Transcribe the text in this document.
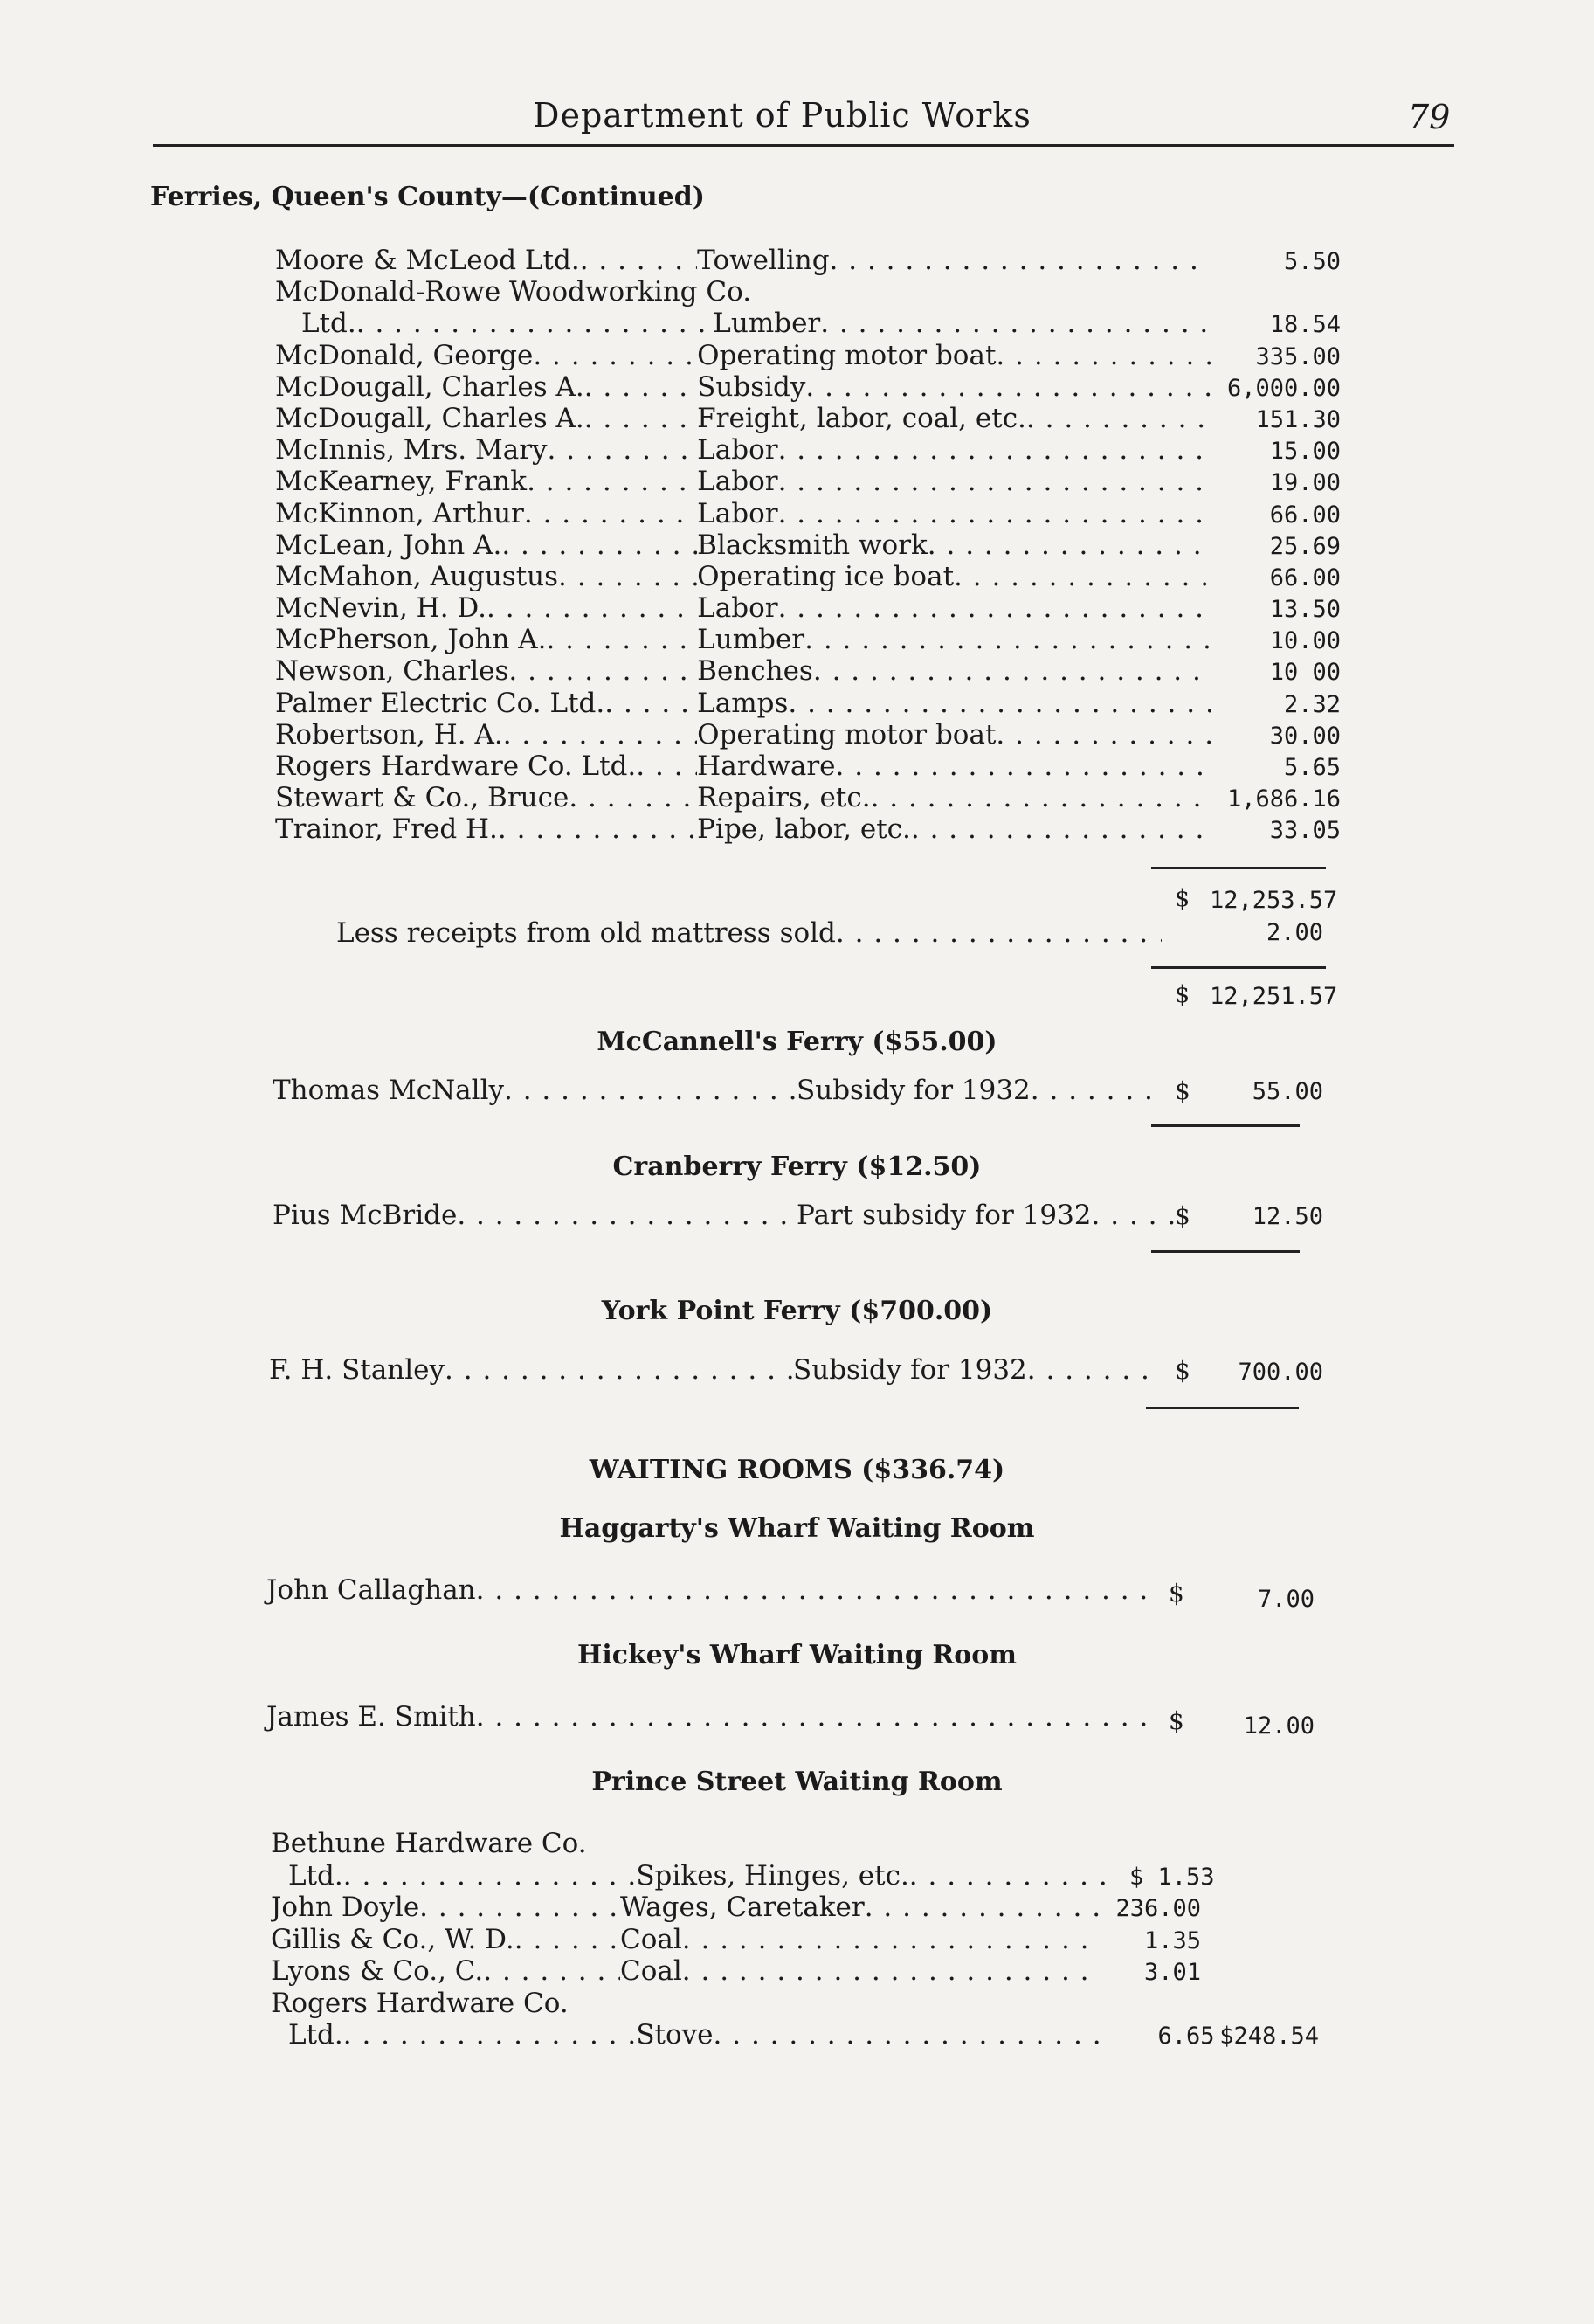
Department of Public Works	79
Ferries, Queen's County—(Continued)
Moore & McLeod Ltd. . . .	Towelling . . .	5.50
McDonald-Rowe Woodworking Co.
Ltd. . . .	Lumber . . .	18.54
McDonald, George . . .	Operating motor boat . . .	335.00
McDougall, Charles A. . . .	Subsidy . . .	6,000.00
McDougall, Charles A. . . .	Freight, labor, coal, etc. . . .	151.30
McInnis, Mrs. Mary . . .	Labor . . .	15.00
McKearney, Frank . . .	Labor . . .	19.00
McKinnon, Arthur . . .	Labor . . .	66.00
McLean, John A. . . .	Blacksmith work . . .	25.69
McMahon, Augustus . . .	Operating ice boat . . .	66.00
McNevin, H. D. . . .	Labor . . .	13.50
McPherson, John A. . . .	Lumber . . .	10.00
Newson, Charles . . .	Benches . . .	10 00
Palmer Electric Co. Ltd. . . .	Lamps . . .	2.32
Robertson, H. A. . . .	Operating motor boat . . .	30.00
Rogers Hardware Co. Ltd. . . . Hardware . . .	5.65
Stewart & Co., Bruce . . .	Repairs, etc. . . .	1,686.16
Trainor, Fred H. . . .	Pipe, labor, etc. . . .	33.05
$ 12,253.57
Less receipts from old mattress sold . . .	2.00
$ 12,251.57
McCannell's Ferry ($55.00)
Thomas McNally . . .	Subsidy for 1932 . . .	$	55.00
Cranberry Ferry ($12.50)
Pius McBride . . .	Part subsidy for 1932 . . .	$	12.50
York Point Ferry ($700.00)
F. H. Stanley . . .	Subsidy for 1932 . . .	$	700.00
WAITING ROOMS ($336.74)
Haggarty's Wharf Waiting Room
John Callaghan . . .	$	7.00
Hickey's Wharf Waiting Room
James E. Smith . . .	$	12.00
Prince Street Waiting Room
Bethune Hardware Co.
Ltd. . . .	Spikes, Hinges, etc. . . .	$ 1.53
John Doyle . . .	Wages, Caretaker . . .	236.00
Gillis & Co., W. D. . . .	Coal . . .	1.35
Lyons & Co., C. . . .	Coal . . .	3.01
Rogers Hardware Co.
Ltd. . . .	Stove . . .	6.65 $248.54
